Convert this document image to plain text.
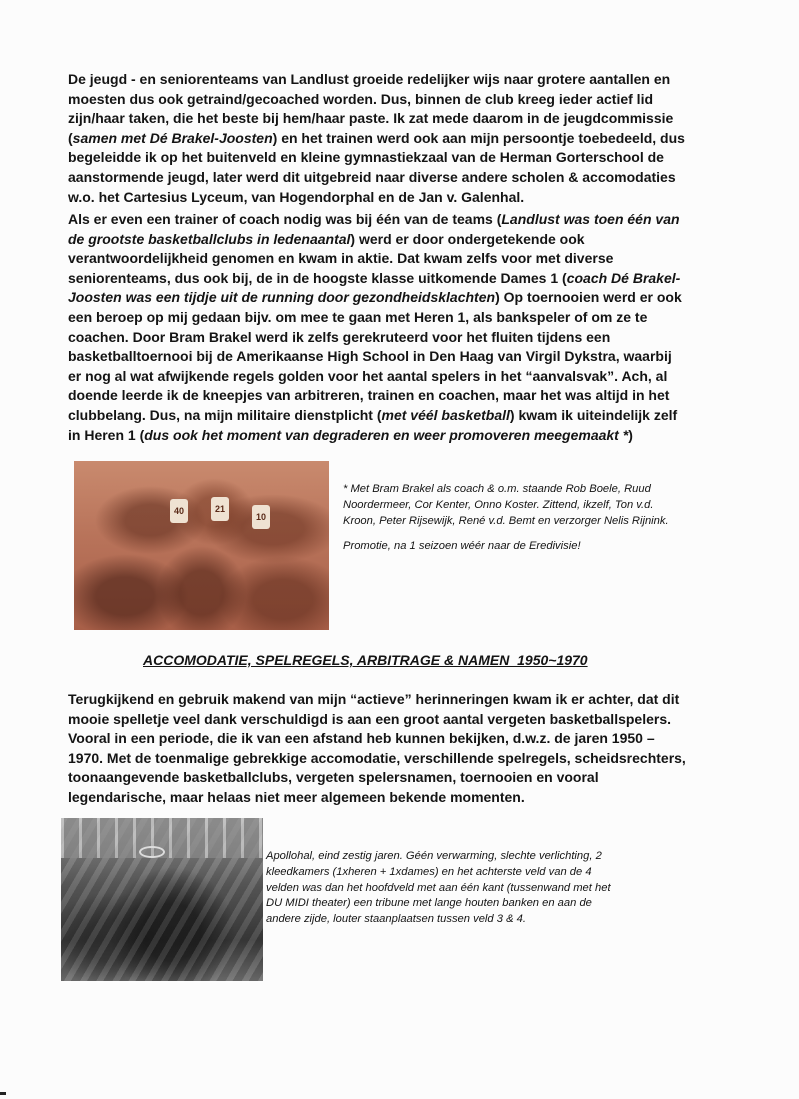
De jeugd - en seniorenteams van Landlust groeide redelijker wijs naar grotere aantallen en moesten dus ook getraind/gecoached worden. Dus, binnen de club kreeg ieder actief lid zijn/haar taken, die het beste bij hem/haar paste. Ik zat mede daarom in de jeugdcommissie (samen met Dé Brakel-Joosten) en het trainen werd ook aan mijn persoontje toebedeeld, dus begeleidde ik op het buitenveld en kleine gymnastiekzaal van de Herman Gorterschool de aanstormende jeugd, later werd dit uitgebreid naar diverse andere scholen & accomodaties w.o. het Cartesius Lyceum, van Hogendorphal en de Jan v. Galenhal.

Als er even een trainer of coach nodig was bij één van de teams (Landlust was toen één van de grootste basketballclubs in ledenaantal) werd er door ondergetekende ook verantwoordelijkheid genomen en kwam in aktie. Dat kwam zelfs voor met diverse seniorenteams, dus ook bij, de in de hoogste klasse uitkomende Dames 1 (coach Dé Brakel-Joosten was een tijdje uit de running door gezondheidsklachten) Op toernooien werd er ook een beroep op mij gedaan bijv. om mee te gaan met Heren 1, als bankspeler of om ze te coachen. Door Bram Brakel werd ik zelfs gerekruteerd voor het fluiten tijdens een basketballtoernooi bij de Amerikaanse High School in Den Haag van Virgil Dykstra, waarbij er nog al wat afwijkende regels golden voor het aantal spelers in het “aanvalsvak”. Ach, al doende leerde ik de kneepjes van arbitreren, trainen en coachen, maar het was altijd in het clubbelang. Dus, na mijn militaire dienstplicht (met véél basketball) kwam ik uiteindelijk zelf in Heren 1 (dus ook het moment van degraderen en weer promoveren meegemaakt *)

40	21
10

* Met Bram Brakel als coach & o.m. staande Rob Boele, Ruud Noordermeer, Cor Kenter, Onno Koster. Zittend, ikzelf, Ton v.d. Kroon, Peter Rijsewijk, René v.d. Bemt en verzorger Nelis Rijnink.

Promotie, na 1 seizoen wéér naar de Eredivisie!

ACCOMODATIE, SPELREGELS, ARBITRAGE & NAMEN  1950~1970

Terugkijkend en gebruik makend van mijn “actieve” herinneringen kwam ik er achter, dat dit mooie spelletje veel dank verschuldigd is aan een groot aantal vergeten basketballspelers. Vooral in een periode, die ik van een afstand heb kunnen bekijken, d.w.z. de jaren 1950 – 1970. Met de toenmalige gebrekkige accomodatie, verschillende spelregels, scheidsrechters, toonaangevende basketballclubs, vergeten spelersnamen, toernooien en vooral legendarische, maar helaas niet meer algemeen bekende momenten.

Apollohal, eind zestig jaren. Géén verwarming, slechte verlichting, 2 kleedkamers (1xheren + 1xdames) en het achterste veld van de 4 velden was dan het hoofdveld met aan één kant (tussenwand met het DU MIDI theater) een tribune met lange houten banken en aan de andere zijde, louter staanplaatsen tussen veld 3 & 4.
